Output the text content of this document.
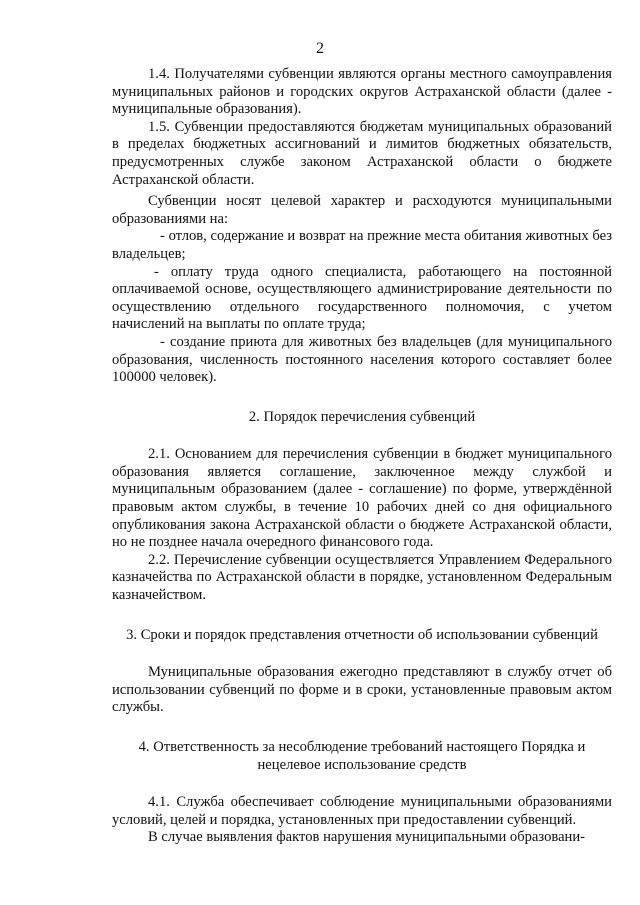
2

1.4. Получателями субвенции являются органы местного самоуправления муниципальных районов и городских округов Астраханской области (далее - муниципальные образования).

1.5. Субвенции предоставляются бюджетам муниципальных образований в пределах бюджетных ассигнований и лимитов бюджетных обязательств, предусмотренных службе законом Астраханской области о бюджете Астраханской области.

Субвенции носят целевой характер и расходуются муниципальными образованиями на:

- отлов, содержание и возврат на прежние места обитания животных без владельцев;

- оплату труда одного специалиста, работающего на постоянной оплачиваемой основе, осуществляющего администрирование деятельности по осуществлению отдельного государственного полномочия, с учетом начислений на выплаты по оплате труда;

- создание приюта для животных без владельцев (для муниципального образования, численность постоянного населения которого составляет более 100000 человек).

2. Порядок перечисления субвенций

2.1. Основанием для перечисления субвенции в бюджет муниципального образования является соглашение, заключенное между службой и муниципальным образованием (далее - соглашение) по форме, утверждённой правовым актом службы, в течение 10 рабочих дней со дня официального опубликования закона Астраханской области о бюджете Астраханской области, но не позднее начала очередного финансового года.

2.2. Перечисление субвенции осуществляется Управлением Федерального казначейства по Астраханской области в порядке, установленном Федеральным казначейством.

3. Сроки и порядок представления отчетности об использовании субвенций

Муниципальные образования ежегодно представляют в службу отчет об использовании субвенций по форме и в сроки, установленные правовым актом службы.

4. Ответственность за несоблюдение требований настоящего Порядка и нецелевое использование средств

4.1. Служба обеспечивает соблюдение муниципальными образованиями условий, целей и порядка, установленных при предоставлении субвенций.

В случае выявления фактов нарушения муниципальными образовани-
